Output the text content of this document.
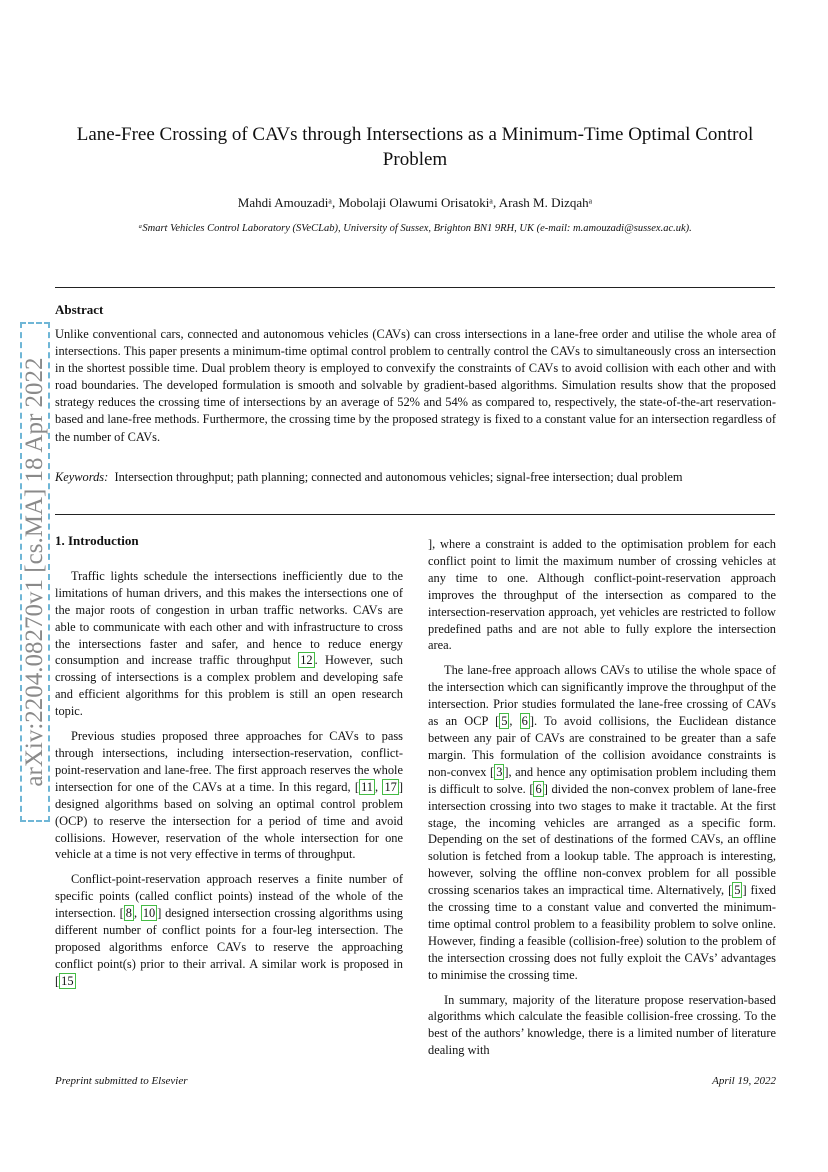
arXiv:2204.08270v1 [cs.MA] 18 Apr 2022
Lane-Free Crossing of CAVs through Intersections as a Minimum-Time Optimal Control Problem
Mahdi Amouzadiᵃ, Mobolaji Olawumi Orisatokiᵃ, Arash M. Dizqahᵃ
ᵃSmart Vehicles Control Laboratory (SVeCLab), University of Sussex, Brighton BN1 9RH, UK (e-mail: m.amouzadi@sussex.ac.uk).
Abstract
Unlike conventional cars, connected and autonomous vehicles (CAVs) can cross intersections in a lane-free order and utilise the whole area of intersections. This paper presents a minimum-time optimal control problem to centrally control the CAVs to simultaneously cross an intersection in the shortest possible time. Dual problem theory is employed to convexify the constraints of CAVs to avoid collision with each other and with road boundaries. The developed formulation is smooth and solvable by gradient-based algorithms. Simulation results show that the proposed strategy reduces the crossing time of intersections by an average of 52% and 54% as compared to, respectively, the state-of-the-art reservation-based and lane-free methods. Furthermore, the crossing time by the proposed strategy is fixed to a constant value for an intersection regardless of the number of CAVs.
Keywords: Intersection throughput; path planning; connected and autonomous vehicles; signal-free intersection; dual problem
1. Introduction

Traffic lights schedule the intersections inefficiently due to the limitations of human drivers, and this makes the intersections one of the major roots of congestion in urban traffic networks. CAVs are able to communicate with each other and with infrastructure to cross the intersections faster and safer, and hence to reduce energy consumption and increase traffic throughput 12 . However, such crossing of intersections is a complex problem and developing safe and efficient algorithms for this problem is still an open research topic.

Previous studies proposed three approaches for CAVs to pass through intersections, including intersection-reservation, conflict-point-reservation and lane-free. The first approach reserves the whole intersection for one of the CAVs at a time. In this regard, [ 11 , 17 ] designed algorithms based on solving an optimal control problem (OCP) to reserve the intersection for a period of time and avoid collisions. However, reservation of the whole intersection for one vehicle at a time is not very effective in terms of throughput.

Conflict-point-reservation approach reserves a finite number of specific points (called conflict points) instead of the whole of the intersection. [ 8 , 10 ] designed intersection crossing algorithms using different number of conflict points for a four-leg intersection. The proposed algorithms enforce CAVs to reserve the approaching conflict point(s) prior to their arrival. A similar work is proposed in [ 15

], where a constraint is added to the optimisation problem for each conflict point to limit the maximum number of crossing vehicles at any time to one. Although conflict-point-reservation approach improves the throughput of the intersection as compared to the intersection-reservation approach, yet vehicles are restricted to follow predefined paths and are not able to fully explore the intersection area.

The lane-free approach allows CAVs to utilise the whole space of the intersection which can significantly improve the throughput of the intersection. Prior studies formulated the lane-free crossing of CAVs as an OCP [ 5 , 6 ]. To avoid collisions, the Euclidean distance between any pair of CAVs are constrained to be greater than a safe margin. This formulation of the collision avoidance constraints is non-convex [ 3 ], and hence any optimisation problem including them is difficult to solve. [ 6 ] divided the non-convex problem of lane-free intersection crossing into two stages to make it tractable. At the first stage, the incoming vehicles are arranged as a specific form. Depending on the set of destinations of the formed CAVs, an offline solution is fetched from a lookup table. The approach is interesting, however, solving the offline non-convex problem for all possible crossing scenarios takes an impractical time. Alternatively, [ 5 ] fixed the crossing time to a constant value and converted the minimum-time optimal control problem to a feasibility problem to solve online. However, finding a feasible (collision-free) solution to the problem of the intersection crossing does not fully exploit the CAVs’ advantages to minimise the crossing time.

In summary, majority of the literature propose reservation-based algorithms which calculate the feasible collision-free crossing. To the best of the authors’ knowledge, there is a limited number of literature dealing with

Preprint submitted to Elsevier	April 19, 2022
